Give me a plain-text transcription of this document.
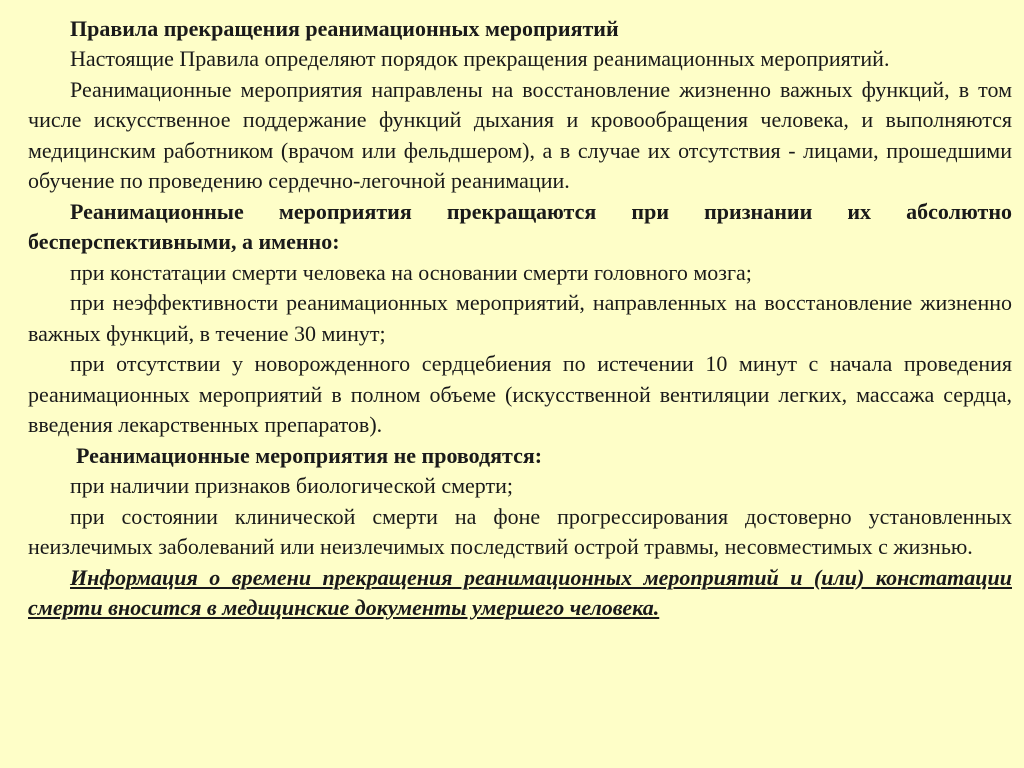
Правила прекращения реанимационных мероприятий

Настоящие Правила определяют порядок прекращения реанимационных мероприятий.

Реанимационные мероприятия направлены на восстановление жизненно важных функций, в том числе искусственное поддержание функций дыхания и кровообращения человека, и выполняются медицинским работником (врачом или фельдшером), а в случае их отсутствия - лицами, прошедшими обучение по проведению сердечно-легочной реанимации.

Реанимационные мероприятия прекращаются при признании их абсолютно бесперспективными, а именно:

при констатации смерти человека на основании смерти головного мозга;

при неэффективности реанимационных мероприятий, направленных на восстановление жизненно важных функций, в течение 30 минут;

при отсутствии у новорожденного сердцебиения по истечении 10 минут с начала проведения реанимационных мероприятий в полном объеме (искусственной вентиляции легких, массажа сердца, введения лекарственных препаратов).

Реанимационные мероприятия не проводятся:

при наличии признаков биологической смерти;

при состоянии клинической смерти на фоне прогрессирования достоверно установленных неизлечимых заболеваний или неизлечимых последствий острой травмы, несовместимых с жизнью.

Информация о времени прекращения реанимационных мероприятий и (или) констатации смерти вносится в медицинские документы умершего человека.
